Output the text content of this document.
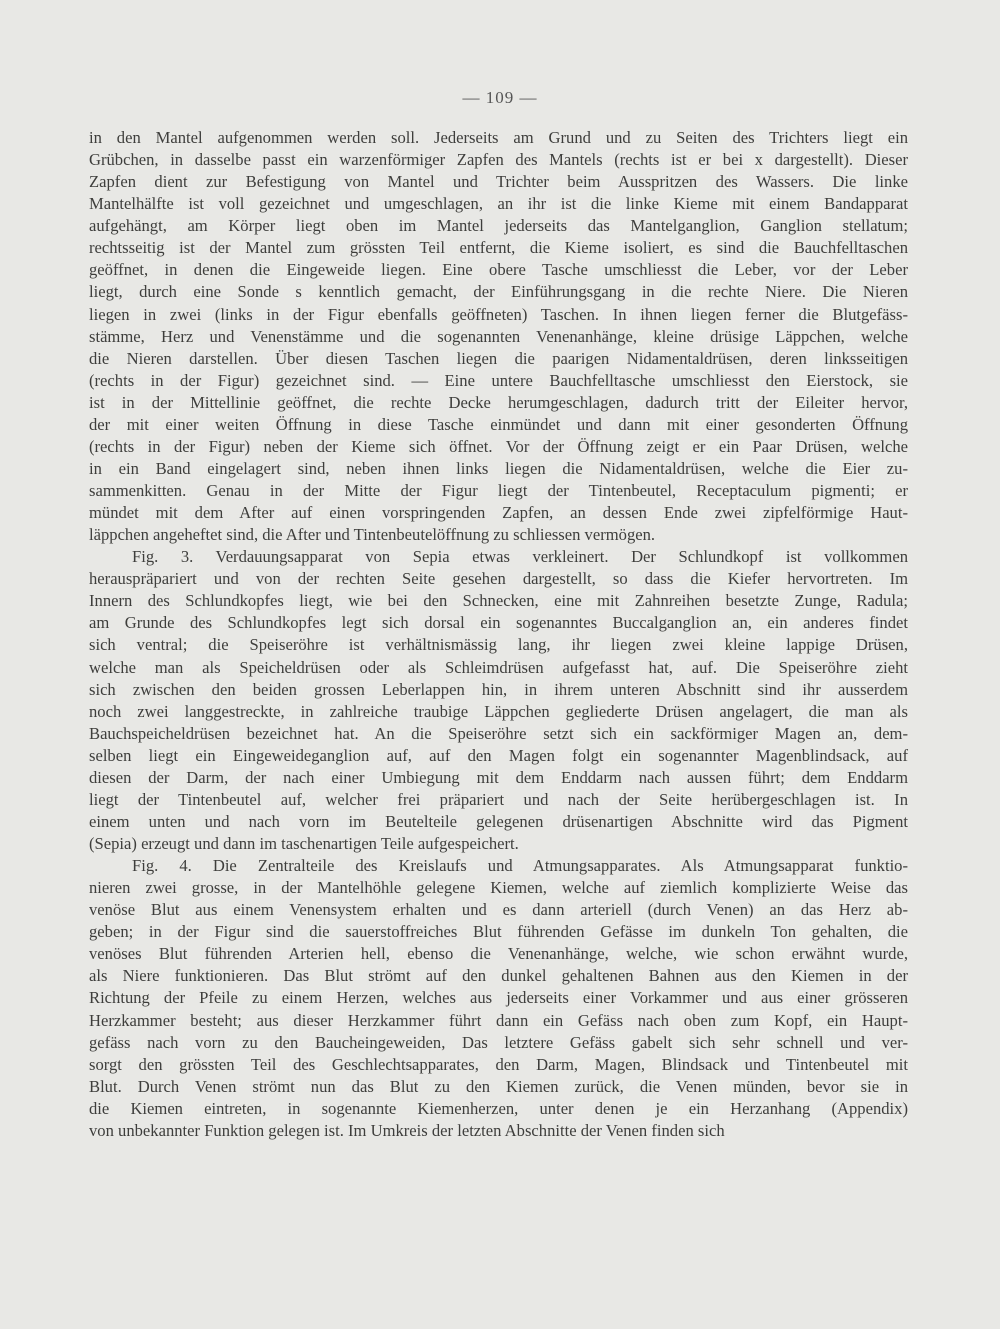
— 109 —
in den Mantel aufgenommen werden soll. Jederseits am Grund und zu Seiten des Trichters liegt ein
Grübchen, in dasselbe passt ein warzenförmiger Zapfen des Mantels (rechts ist er bei x dargestellt). Dieser
Zapfen dient zur Befestigung von Mantel und Trichter beim Ausspritzen des Wassers. Die linke
Mantelhälfte ist voll gezeichnet und umgeschlagen, an ihr ist die linke Kieme mit einem Bandapparat
aufgehängt, am Körper liegt oben im Mantel jederseits das Mantelganglion, Ganglion stellatum;
rechtsseitig ist der Mantel zum grössten Teil entfernt, die Kieme isoliert, es sind die Bauchfelltaschen
geöffnet, in denen die Eingeweide liegen. Eine obere Tasche umschliesst die Leber, vor der Leber
liegt, durch eine Sonde s kenntlich gemacht, der Einführungsgang in die rechte Niere. Die Nieren
liegen in zwei (links in der Figur ebenfalls geöffneten) Taschen. In ihnen liegen ferner die Blutgefäss-
stämme, Herz und Venenstämme und die sogenannten Venenanhänge, kleine drüsige Läppchen, welche
die Nieren darstellen. Über diesen Taschen liegen die paarigen Nidamentaldrüsen, deren linksseitigen
(rechts in der Figur) gezeichnet sind. — Eine untere Bauchfelltasche umschliesst den Eierstock, sie
ist in der Mittellinie geöffnet, die rechte Decke herumgeschlagen, dadurch tritt der Eileiter hervor,
der mit einer weiten Öffnung in diese Tasche einmündet und dann mit einer gesonderten Öffnung
(rechts in der Figur) neben der Kieme sich öffnet. Vor der Öffnung zeigt er ein Paar Drüsen, welche
in ein Band eingelagert sind, neben ihnen links liegen die Nidamentaldrüsen, welche die Eier zu-
sammenkitten. Genau in der Mitte der Figur liegt der Tintenbeutel, Receptaculum pigmenti; er
mündet mit dem After auf einen vorspringenden Zapfen, an dessen Ende zwei zipfelförmige Haut-
läppchen angeheftet sind, die After und Tintenbeutelöffnung zu schliessen vermögen.
Fig. 3. Verdauungsapparat von Sepia etwas verkleinert. Der Schlundkopf ist vollkommen
herauspräpariert und von der rechten Seite gesehen dargestellt, so dass die Kiefer hervortreten. Im
Innern des Schlundkopfes liegt, wie bei den Schnecken, eine mit Zahnreihen besetzte Zunge, Radula;
am Grunde des Schlundkopfes legt sich dorsal ein sogenanntes Buccalganglion an, ein anderes findet
sich ventral; die Speiseröhre ist verhältnismässig lang, ihr liegen zwei kleine lappige Drüsen,
welche man als Speicheldrüsen oder als Schleimdrüsen aufgefasst hat, auf. Die Speiseröhre zieht
sich zwischen den beiden grossen Leberlappen hin, in ihrem unteren Abschnitt sind ihr ausserdem
noch zwei langgestreckte, in zahlreiche traubige Läppchen gegliederte Drüsen angelagert, die man als
Bauchspeicheldrüsen bezeichnet hat. An die Speiseröhre setzt sich ein sackförmiger Magen an, dem-
selben liegt ein Eingeweideganglion auf, auf den Magen folgt ein sogenannter Magenblindsack, auf
diesen der Darm, der nach einer Umbiegung mit dem Enddarm nach aussen führt; dem Enddarm
liegt der Tintenbeutel auf, welcher frei präpariert und nach der Seite herübergeschlagen ist. In
einem unten und nach vorn im Beutelteile gelegenen drüsenartigen Abschnitte wird das Pigment
(Sepia) erzeugt und dann im taschenartigen Teile aufgespeichert.
Fig. 4. Die Zentralteile des Kreislaufs und Atmungsapparates. Als Atmungsapparat funktio-
nieren zwei grosse, in der Mantelhöhle gelegene Kiemen, welche auf ziemlich komplizierte Weise das
venöse Blut aus einem Venensystem erhalten und es dann arteriell (durch Venen) an das Herz ab-
geben; in der Figur sind die sauerstoffreiches Blut führenden Gefässe im dunkeln Ton gehalten, die
venöses Blut führenden Arterien hell, ebenso die Venenanhänge, welche, wie schon erwähnt wurde,
als Niere funktionieren. Das Blut strömt auf den dunkel gehaltenen Bahnen aus den Kiemen in der
Richtung der Pfeile zu einem Herzen, welches aus jederseits einer Vorkammer und aus einer grösseren
Herzkammer besteht; aus dieser Herzkammer führt dann ein Gefäss nach oben zum Kopf, ein Haupt-
gefäss nach vorn zu den Baucheingeweiden, Das letztere Gefäss gabelt sich sehr schnell und ver-
sorgt den grössten Teil des Geschlechtsapparates, den Darm, Magen, Blindsack und Tintenbeutel mit
Blut. Durch Venen strömt nun das Blut zu den Kiemen zurück, die Venen münden, bevor sie in
die Kiemen eintreten, in sogenannte Kiemenherzen, unter denen je ein Herzanhang (Appendix)
von unbekannter Funktion gelegen ist. Im Umkreis der letzten Abschnitte der Venen finden sich
